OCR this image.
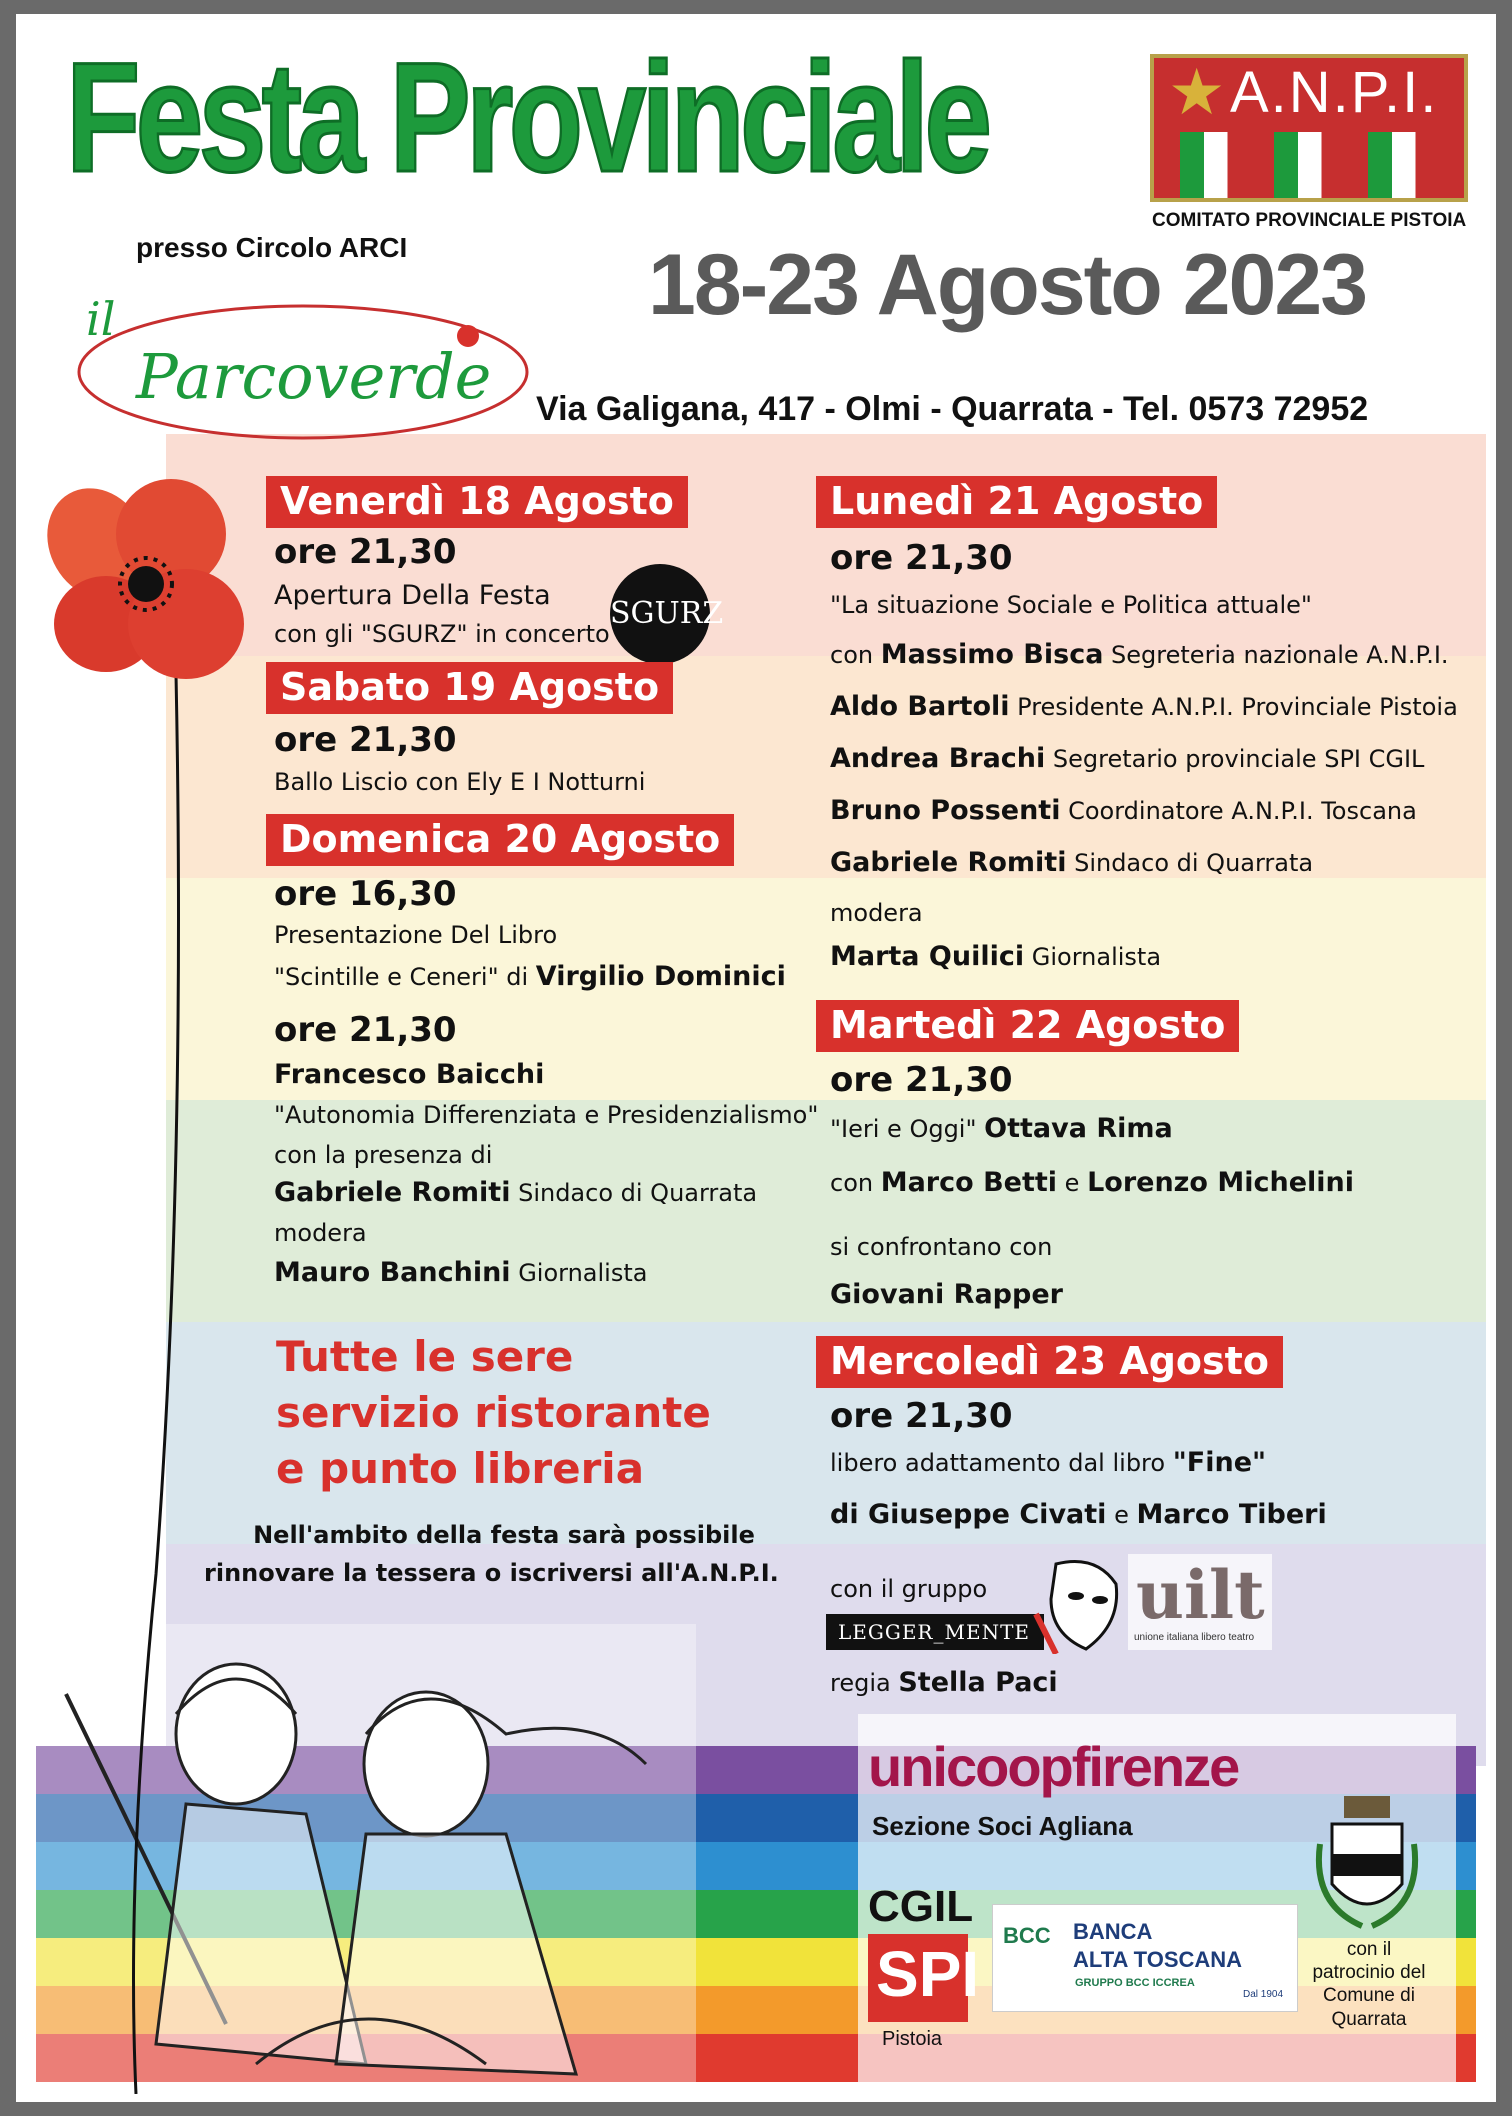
Festa Provinciale	★ A.N.P.I.
COMITATO PROVINCIALE PISTOIA
18-23 Agosto 2023
presso Circolo ARCI
il
Parcoverde Via Galigana, 417 - Olmi - Quarrata - Tel. 0573 72952
Venerdì 18 Agosto
ore 21,30
Apertura Della Festa
con gli "SGURZ" in concerto
SGURZ
Sabato 19 Agosto
ore 21,30
Ballo Liscio con Ely E I Notturni
Domenica 20 Agosto
ore 16,30
Presentazione Del Libro
"Scintille e Ceneri" di Virgilio Dominici
ore 21,30
Francesco Baicchi
"Autonomia Differenziata e Presidenzialismo"
con la presenza di
Gabriele Romiti Sindaco di Quarrata
modera
Mauro Banchini Giornalista
Tutte le sere
servizio ristorante
e punto libreria
Nell'ambito della festa sarà possibile
rinnovare la tessera o iscriversi all'A.N.P.I.
Lunedì 21 Agosto
ore 21,30
"La situazione Sociale e Politica attuale"
con Massimo Bisca Segreteria nazionale A.N.P.I.
Aldo Bartoli Presidente A.N.P.I. Provinciale Pistoia
Andrea Brachi Segretario provinciale SPI CGIL
Bruno Possenti Coordinatore A.N.P.I. Toscana
Gabriele Romiti Sindaco di Quarrata
modera
Marta Quilici Giornalista
Martedì 22 Agosto
ore 21,30
"Ieri e Oggi" Ottava Rima
con Marco Betti e Lorenzo Michelini
si confrontano con
Giovani Rapper
Mercoledì 23 Agosto
ore 21,30
libero adattamento dal libro "Fine"
di Giuseppe Civati e Marco Tiberi
con il gruppo
LEGGER_MENTE uilt
unione italiana libero teatro
regia Stella Paci
unicoopfirenze
Sezione Soci Agliana
CGIL
SPI
Pistoia
BCC BANCA
ALTA TOSCANA
GRUPPO BCC ICCREA
Dal 1904
con il
patrocinio del
Comune di
Quarrata
